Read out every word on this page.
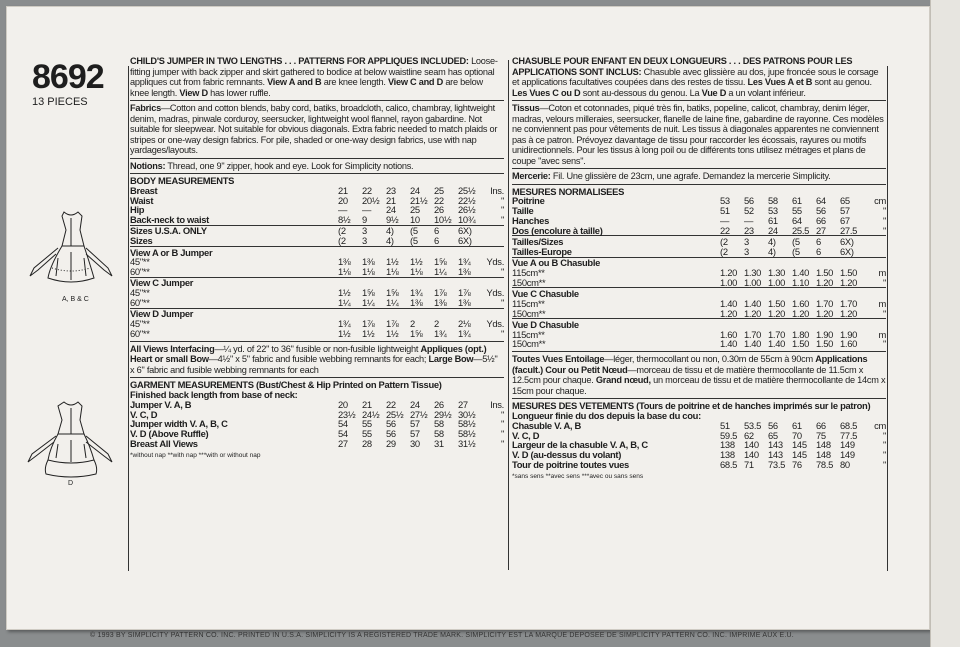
8692
13 PIECES
A, B & C
D
CHILD'S JUMPER IN TWO LENGTHS . . . PATTERNS FOR APPLIQUES INCLUDED: Loose-fitting jumper with back zipper and skirt gathered to bodice at below waistline seam has optional appliques cut from fabric remnants. View A and B are knee length. View C and D are below knee length. View D has lower ruffle.
Fabrics—Cotton and cotton blends, baby cord, batiks, broadcloth, calico, chambray, lightweight denim, madras, pinwale corduroy, seersucker, lightweight wool flannel, rayon gabardine. Not suitable for sleepwear. Not suitable for obvious diagonals. Extra fabric needed to match plaids or stripes or one-way design fabrics. For pile, shaded or one-way design fabrics, use with nap yardages/layouts.
Notions: Thread, one 9" zipper, hook and eye. Look for Simplicity notions.
BODY MEASUREMENTS							
Breast	21	22	23	24	25	25½	Ins.
Waist	20	20½	21	21½	22	22½	"
Hip	—	—	24	25	26	26½	"
Back-neck to waist	8½	9	9½	10	10½	10¾	"

Sizes U.S.A. ONLY	(2	3	4)	(5	6	6X)	
Sizes	(2	3	4)	(5	6	6X)	

View A or B Jumper							
45"**	1⅜	1⅜	1½	1½	1⅝	1¾	Yds.
60"**	1⅛	1⅛	1⅛	1⅛	1¼	1⅜	"

View C Jumper							
45"**	1½	1⅝	1⅝	1¾	1⅞	1⅞	Yds.
60"**	1¼	1¼	1¼	1⅜	1⅜	1⅜	"

View D Jumper							
45"**	1¾	1⅞	1⅞	2	2	2⅛	Yds.
60"**	1½	1½	1½	1⅝	1¾	1¾	"
All Views Interfacing—¼ yd. of 22" to 36" fusible or non-fusible lightweight Appliques (opt.) Heart or small Bow—4½" x 5" fabric and fusible webbing remnants for each; Large Bow—5½" x 6" fabric and fusible webbing remnants for each
GARMENT MEASUREMENTS (Bust/Chest & Hip Printed on Pattern Tissue)							
Finished back length from base of neck:							
Jumper V. A, B	20	21	22	24	26	27	Ins.
V. C, D	23½	24½	25½	27½	29½	30½	"
Jumper width V. A, B, C	54	55	56	57	58	58½	"
V. D (Above Ruffle)	54	55	56	57	58	58½	"
Breast All Views	27	28	29	30	31	31½	"
*without nap **with nap ***with or without nap
CHASUBLE POUR ENFANT EN DEUX LONGUEURS . . . DES PATRONS POUR LES APPLICATIONS SONT INCLUS: Chasuble avec glissière au dos, jupe froncée sous le corsage et applications facultatives coupées dans des restes de tissu. Les Vues A et B sont au genou. Les Vues C ou D sont au-dessous du genou. La Vue D a un volant inférieur.
Tissus—Coton et cotonnades, piqué très fin, batiks, popeline, calicot, chambray, denim léger, madras, velours milleraies, seersucker, flanelle de laine fine, gabardine de rayonne. Ces modèles ne conviennent pas pour vêtements de nuit. Les tissus à diagonales apparentes ne conviennent pas à ce patron. Prévoyez davantage de tissu pour raccorder les écossais, rayures ou motifs unidirectionnels. Pour les tissus à long poil ou de différents tons utilisez métrages et plans de coupe "avec sens".
Mercerie: Fil. Une glissière de 23cm, une agrafe. Demandez la mercerie Simplicity.
MESURES NORMALISEES							
Poitrine	53	56	58	61	64	65	cm
Taille	51	52	53	55	56	57	"
Hanches	—	—	61	64	66	67	"
Dos (encolure à taille)	22	23	24	25.5	27	27.5	"

Tailles/Sizes	(2	3	4)	(5	6	6X)	
Tailles-Europe	(2	3	4)	(5	6	6X)	

Vue A ou B Chasuble							
115cm**	1.20	1.30	1.30	1.40	1.50	1.50	m
150cm**	1.00	1.00	1.00	1.10	1.20	1.20	"

Vue C Chasuble							
115cm**	1.40	1.40	1.50	1.60	1.70	1.70	m
150cm**	1.20	1.20	1.20	1.20	1.20	1.20	"

Vue D Chasuble							
115cm**	1.60	1.70	1.70	1.80	1.90	1.90	m
150cm**	1.40	1.40	1.40	1.50	1.50	1.60	"
Toutes Vues Entoilage—léger, thermocollant ou non, 0.30m de 55cm à 90cm Applications (facult.) Cour ou Petit Nœud—morceau de tissu et de matière thermocollante de 11.5cm x 12.5cm pour chaque. Grand nœud, un morceau de tissu et de matière thermocollante de 14cm x 15cm pour chaque.
MESURES DES VETEMENTS (Tours de poitrine et de hanches imprimés sur le patron)							
Longueur finie du dos depuis la base du cou:							
Chasuble V. A, B	51	53.5	56	61	66	68.5	cm
V. C, D	59.5	62	65	70	75	77.5	"
Largeur de la chasuble V. A, B, C	138	140	143	145	148	149	"
V. D (au-dessus du volant)	138	140	143	145	148	149	"
Tour de poitrine toutes vues	68.5	71	73.5	76	78.5	80	"
*sans sens **avec sens ***avec ou sans sens
© 1993 BY SIMPLICITY PATTERN CO. INC. PRINTED IN U.S.A. SIMPLICITY IS A REGISTERED TRADE MARK. SIMPLICITY EST LA MARQUE DEPOSEE DE SIMPLICITY PATTERN CO. INC. IMPRIME AUX E.U.
